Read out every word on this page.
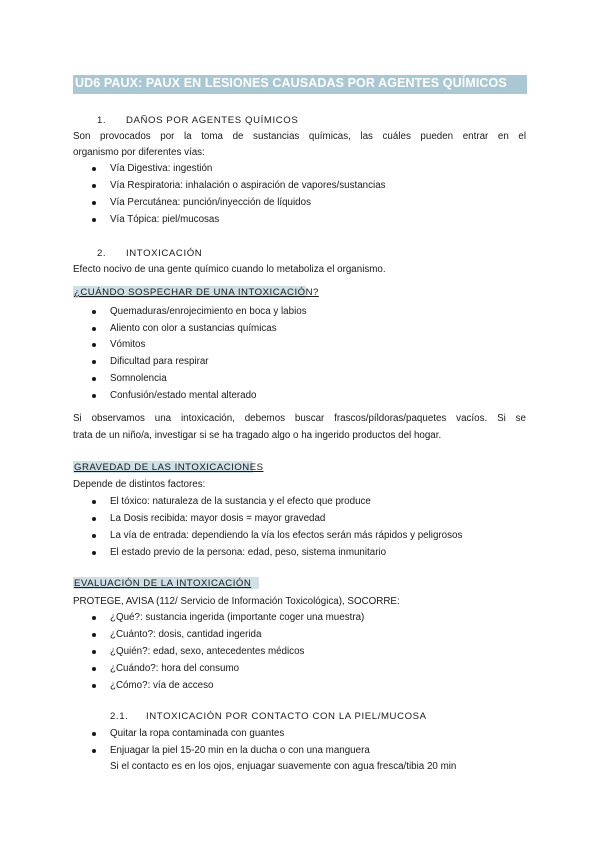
UD6 PAUX: PAUX EN LESIONES CAUSADAS POR AGENTES QUÍMICOS
1. DAÑOS POR AGENTES QUÍMICOS
Son provocados por la toma de sustancias químicas, las cuáles pueden entrar en el
organismo por diferentes vías:
Vía Digestiva: ingestión
Vía Respiratoria: inhalación o aspiración de vapores/sustancias
Vía Percutánea: punción/inyección de líquidos
Vía Tópica: piel/mucosas
2. INTOXICACIÓN
Efecto nocivo de una gente químico cuando lo metaboliza el organismo.
¿CUÁNDO SOSPECHAR DE UNA INTOXICACIÓN?
Quemaduras/enrojecimiento en boca y labios
Aliento con olor a sustancias químicas
Vómitos
Dificultad para respirar
Somnolencia
Confusión/estado mental alterado
Si observamos una intoxicación, debemos buscar frascos/píldoras/paquetes vacíos. Si se
trata de un niño/a, investigar si se ha tragado algo o ha ingerido productos del hogar.
GRAVEDAD DE LAS INTOXICACIONES
Depende de distintos factores:
El tóxico: naturaleza de la sustancia y el efecto que produce
La Dosis recibida: mayor dosis = mayor gravedad
La vía de entrada: dependiendo la vía los efectos serán más rápidos y peligrosos
El estado previo de la persona: edad, peso, sistema inmunitario
EVALUACIÓN DE LA INTOXICACIÓN
PROTEGE, AVISA (112/ Servicio de Información Toxicológica), SOCORRE:
¿Qué?: sustancia ingerida (importante coger una muestra)
¿Cuánto?: dosis, cantidad ingerida
¿Quién?: edad, sexo, antecedentes médicos
¿Cuándo?: hora del consumo
¿Cómo?: vía de acceso
2.1. INTOXICACIÓN POR CONTACTO CON LA PIEL/MUCOSA
Quitar la ropa contaminada con guantes
Enjuagar la piel 15-20 min en la ducha o con una manguera
Si el contacto es en los ojos, enjuagar suavemente con agua fresca/tibia 20 min
